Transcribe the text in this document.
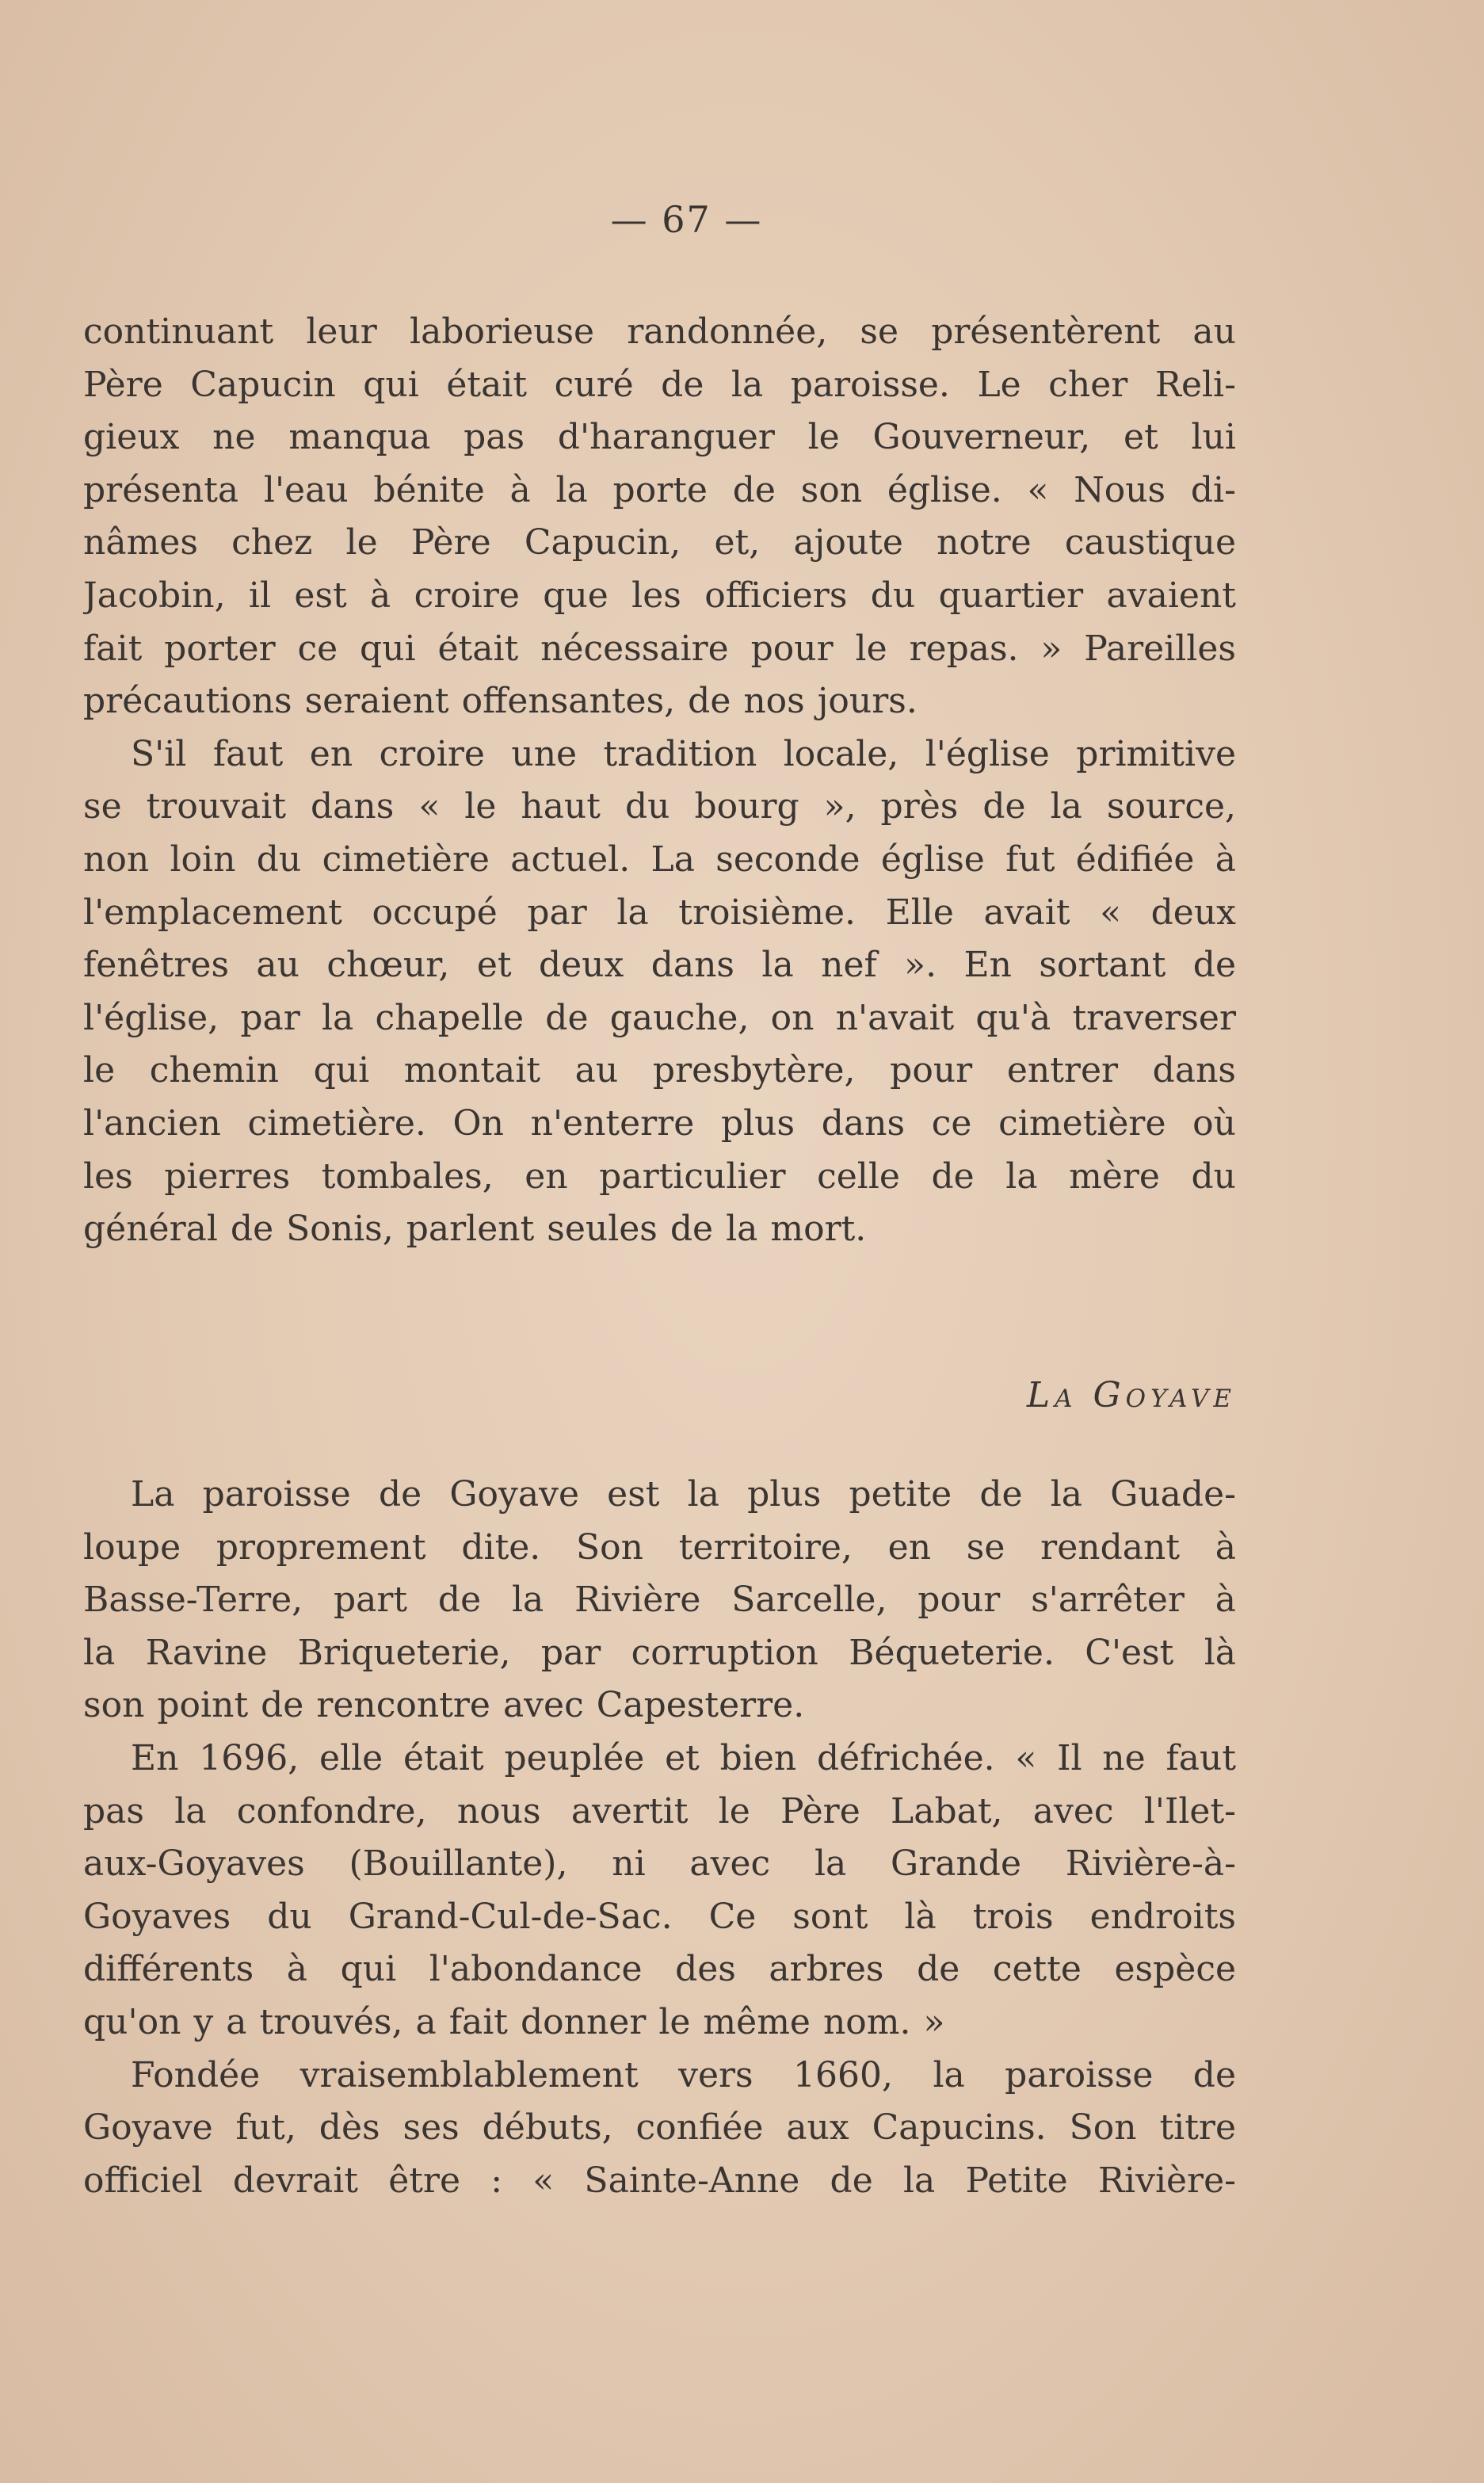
— 67 —
continuant leur laborieuse randonnée, se présentèrent au
Père Capucin qui était curé de la paroisse. Le cher Reli-
gieux ne manqua pas d'haranguer le Gouverneur, et lui
présenta l'eau bénite à la porte de son église. « Nous di-
nâmes chez le Père Capucin, et, ajoute notre caustique
Jacobin, il est à croire que les officiers du quartier avaient
fait porter ce qui était nécessaire pour le repas. » Pareilles
précautions seraient offensantes, de nos jours.
S'il faut en croire une tradition locale, l'église primitive
se trouvait dans « le haut du bourg », près de la source,
non loin du cimetière actuel. La seconde église fut édifiée à
l'emplacement occupé par la troisième. Elle avait « deux
fenêtres au chœur, et deux dans la nef ». En sortant de
l'église, par la chapelle de gauche, on n'avait qu'à traverser
le chemin qui montait au presbytère, pour entrer dans
l'ancien cimetière. On n'enterre plus dans ce cimetière où
les pierres tombales, en particulier celle de la mère du
général de Sonis, parlent seules de la mort.
La Goyave
La paroisse de Goyave est la plus petite de la Guade-
loupe proprement dite. Son territoire, en se rendant à
Basse-Terre, part de la Rivière Sarcelle, pour s'arrêter à
la Ravine Briqueterie, par corruption Béqueterie. C'est là
son point de rencontre avec Capesterre.
En 1696, elle était peuplée et bien défrichée. « Il ne faut
pas la confondre, nous avertit le Père Labat, avec l'Ilet-
aux-Goyaves (Bouillante), ni avec la Grande Rivière-à-
Goyaves du Grand-Cul-de-Sac. Ce sont là trois endroits
différents à qui l'abondance des arbres de cette espèce
qu'on y a trouvés, a fait donner le même nom. »
Fondée vraisemblablement vers 1660, la paroisse de
Goyave fut, dès ses débuts, confiée aux Capucins. Son titre
officiel devrait être : « Sainte-Anne de la Petite Rivière-
